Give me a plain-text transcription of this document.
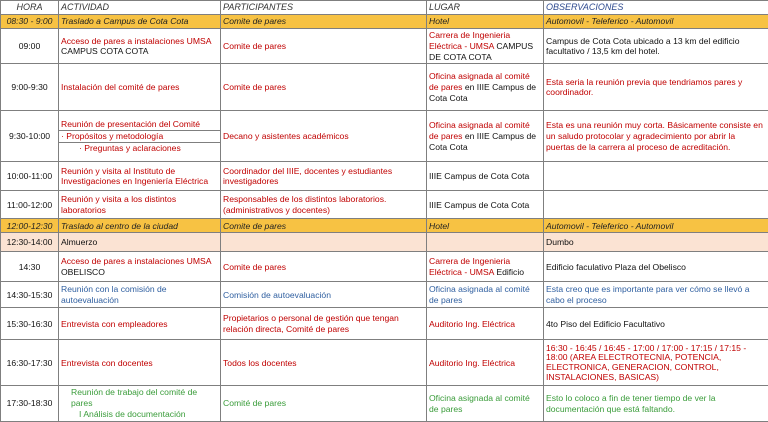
HORA	ACTIVIDAD	PARTICIPANTES	LUGAR	OBSERVACIONES
08:30 - 9:00	Traslado a Campus de Cota Cota	Comite de pares	Hotel	Automovil - Teleferico - Automovil
09:00	Acceso de pares a instalaciones UMSA
CAMPUS COTA COTA	Comite de pares	Carrera de Ingenieria Eléctrica - UMSA CAMPUS DE COTA COTA	Campus de Cota Cota ubicado a 13 km del edificio facultativo / 13,5 km del hotel.
9:00-9:30	Instalación del comité de pares	Comite de pares	Oficina asignada al comité de pares en IIIE Campus de Cota Cota	Esta seria la reunión previa que tendriamos pares y coordinador.
9:30-10:00	Reunión de presentación del Comité
· Propósitos y metodología
· Preguntas y aclaraciones	Decano y asistentes académicos	Oficina asignada al comité de pares en IIIE Campus de Cota Cota	Esta es una reunión muy corta. Básicamente consiste en un saludo protocolar y agradecimiento por abrir la puertas de la carrera al proceso de acreditación.
10:00-11:00	Reunión y visita al Instituto de Investigaciones en Ingeniería Eléctrica	Coordinador del IIIE, docentes y estudiantes investigadores	IIIE Campus de Cota Cota	
11:00-12:00	Reunión y visita a los distintos laboratorios	Responsables de los distintos laboratorios.(administrativos y docentes)	IIIE Campus de Cota Cota	
12:00-12:30	Traslado al centro de la ciudad	Comite de pares	Hotel	Automovil - Teleferico - Automovil
12:30-14:00	Almuerzo			Dumbo
14:30	Acceso de pares a instalaciones UMSA
OBELISCO	Comite de pares	Carrera de Ingenieria Eléctrica - UMSA Edificio	Edificio faculativo Plaza del Obelisco
14:30-15:30	Reunión con la comisión de autoevaluación	Comisión de autoevaluación	Oficina asignada al comité de pares	Esta creo que es importante para ver cómo se llevó a cabo el proceso
15:30-16:30	Entrevista con empleadores	Propietarios o personal de gestión que tengan relación directa, Comité de pares	Auditorio Ing. Eléctrica	4to Piso del Edificio Facultativo
16:30-17:30	Entrevista con docentes	Todos los docentes	Auditorio Ing. Eléctrica	16:30 - 16:45 / 16:45 - 17:00 / 17:00 - 17:15 / 17:15 - 18:00 (AREA ELECTROTECNIA, POTENCIA, ELECTRONICA, GENERACION, CONTROL, INSTALACIONES, BASICAS)
17:30-18:30	Reunión de trabajo del comité de pares
I Análisis de documentación	Comité de pares	Oficina asignada al comité de pares	Esto lo coloco a fin de tener tiempo de ver la documentación que está faltando.
